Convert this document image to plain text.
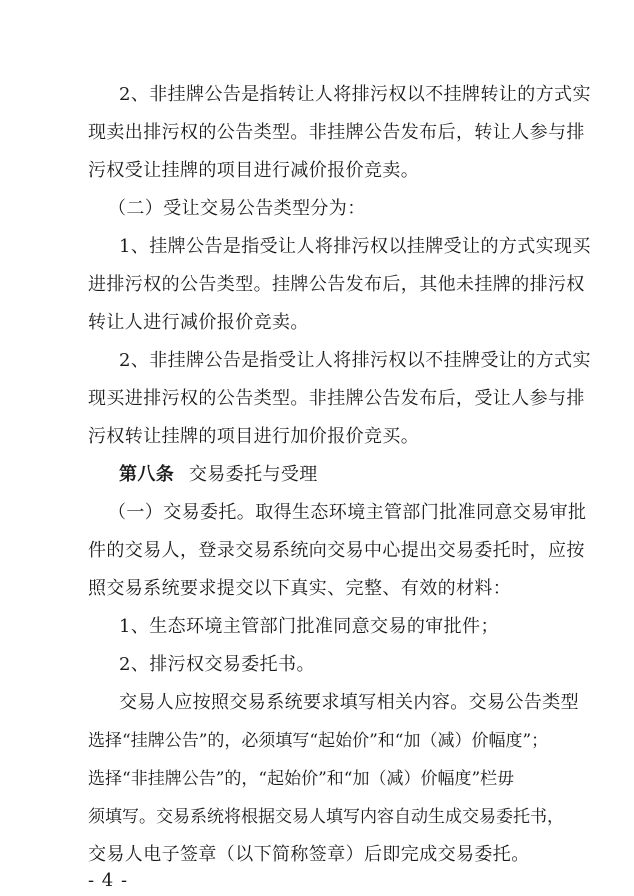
2、非挂牌公告是指转让人将排污权以不挂牌转让的方式实
现卖出排污权的公告类型。非挂牌公告发布后，转让人参与排
污权受让挂牌的项目进行减价报价竞卖。
（二）受让交易公告类型分为：
1、挂牌公告是指受让人将排污权以挂牌受让的方式实现买
进排污权的公告类型。挂牌公告发布后，其他未挂牌的排污权
转让人进行减价报价竞卖。
2、非挂牌公告是指受让人将排污权以不挂牌受让的方式实
现买进排污权的公告类型。非挂牌公告发布后，受让人参与排
污权转让挂牌的项目进行加价报价竞买。
第八条 交易委托与受理
（一）交易委托。取得生态环境主管部门批准同意交易审批
件的交易人，登录交易系统向交易中心提出交易委托时，应按
照交易系统要求提交以下真实、完整、有效的材料：
1、生态环境主管部门批准同意交易的审批件；
2、排污权交易委托书。
交易人应按照交易系统要求填写相关内容。交易公告类型
选择“挂牌公告”的，必须填写“起始价”和“加（减）价幅度”；
选择“非挂牌公告”的，“起始价”和“加（减）价幅度”栏毋
须填写。交易系统将根据交易人填写内容自动生成交易委托书，
交易人电子签章（以下简称签章）后即完成交易委托。
- 4 -
